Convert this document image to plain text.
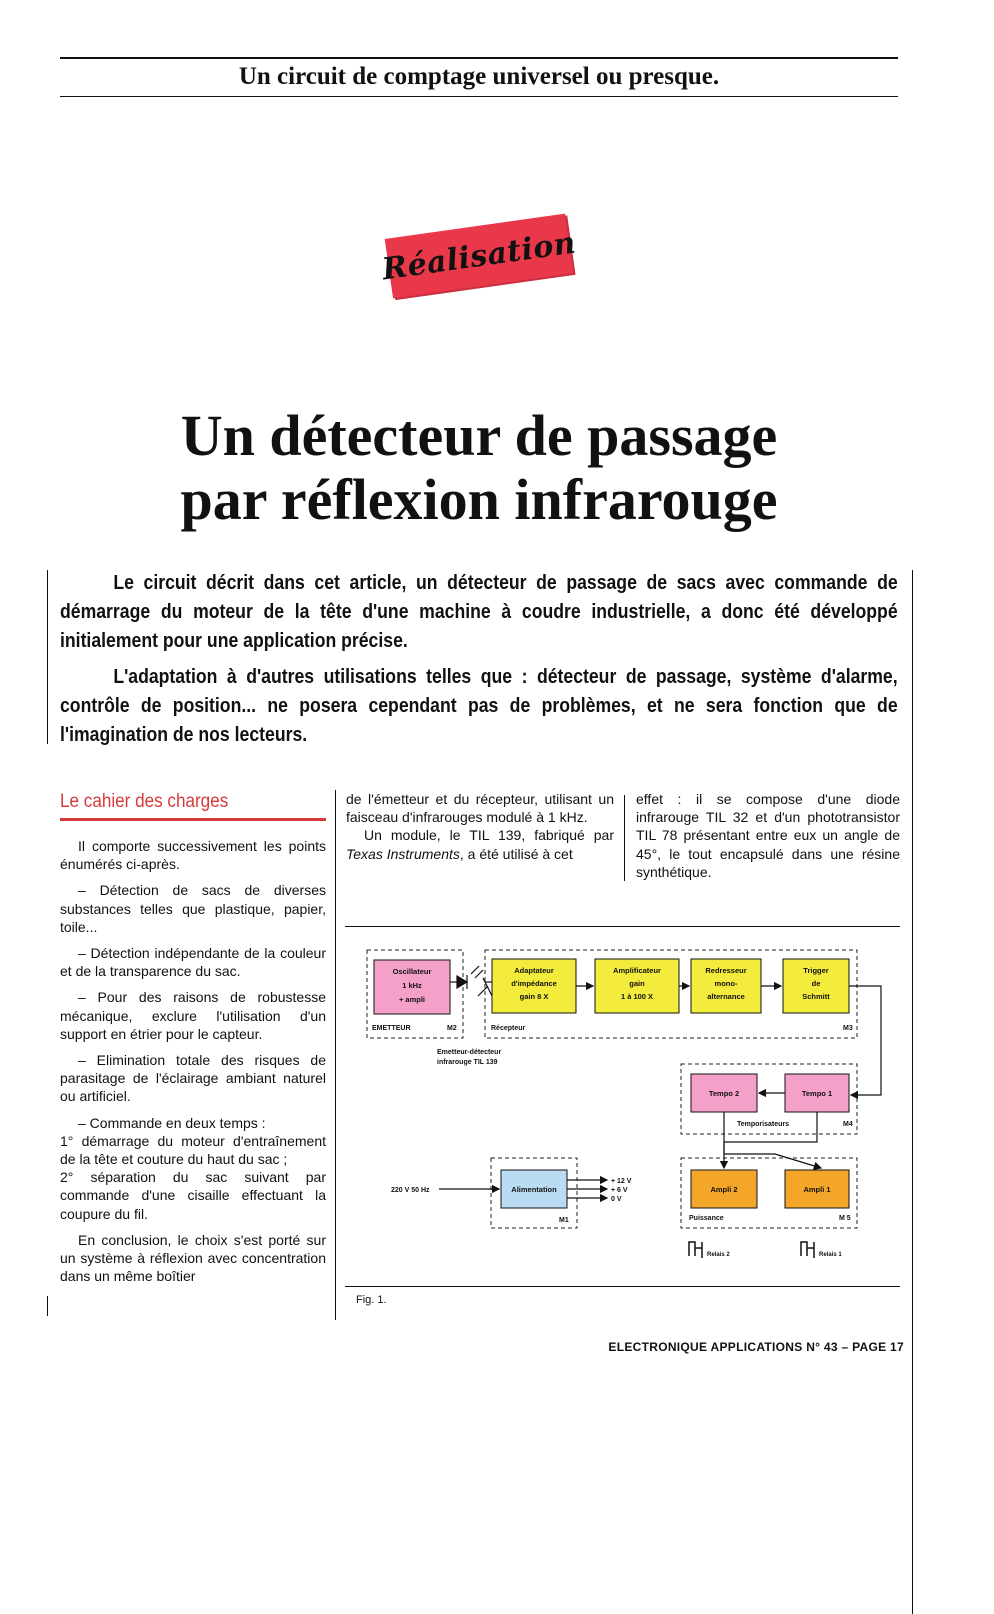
Un circuit de comptage universel ou presque.
Réalisation
Un détecteur de passage
par réflexion infrarouge
Le circuit décrit dans cet article, un détecteur de passage de sacs avec commande de démarrage du moteur de la tête d'une machine à coudre industrielle, a donc été développé initialement pour une application précise.
L'adaptation à d'autres utilisations telles que : détecteur de passage, système d'alarme, contrôle de position... ne posera cependant pas de problèmes, et ne sera fonction que de l'imagination de nos lecteurs.
Le cahier des charges

Il comporte successivement les points énumérés ci-après.

– Détection de sacs de diverses substances telles que plastique, papier, toile...

– Détection indépendante de la couleur et de la transparence du sac.

– Pour des raisons de robustesse mécanique, exclure l'utilisation d'un support en étrier pour le capteur.

– Elimination totale des risques de parasitage de l'éclairage ambiant naturel ou artificiel.

– Commande en deux temps :
1° démarrage du moteur d'entraînement de la tête et couture du haut du sac ;
2° séparation du sac suivant par commande d'une cisaille effectuant la coupure du fil.

En conclusion, le choix s'est porté sur un système à réflexion avec concentration dans un même boîtier

de l'émetteur et du récepteur, utilisant un faisceau d'infrarouges modulé à 1 kHz.
Un module, le TIL 139, fabriqué par Texas Instruments, a été utilisé à cet
effet : il se compose d'une diode infrarouge TIL 32 et d'un phototransistor TIL 78 présentant entre eux un angle de 45°, le tout encapsulé dans une résine synthétique.
Oscillateur
1 kHz
+ ampli
Adaptateur
d'impédance
gain 8 X
Amplificateur
gain
1 à 100 X
Redresseur
mono-
alternance
Trigger
de
Schmitt
Tempo 2	Tempo 1
Alimentation	Ampli 2	Ampli 1
EMETTEUR	M2	Récepteur	M3
Emetteur-détecteur
infrarouge TIL 139
Temporisateurs	M4
220 V 50 Hz
M1
+ 12 V
+ 6 V
0 V
Puissance	M 5
Relais 2	Relais 1
Fig. 1.
ELECTRONIQUE APPLICATIONS N° 43 – PAGE 17
